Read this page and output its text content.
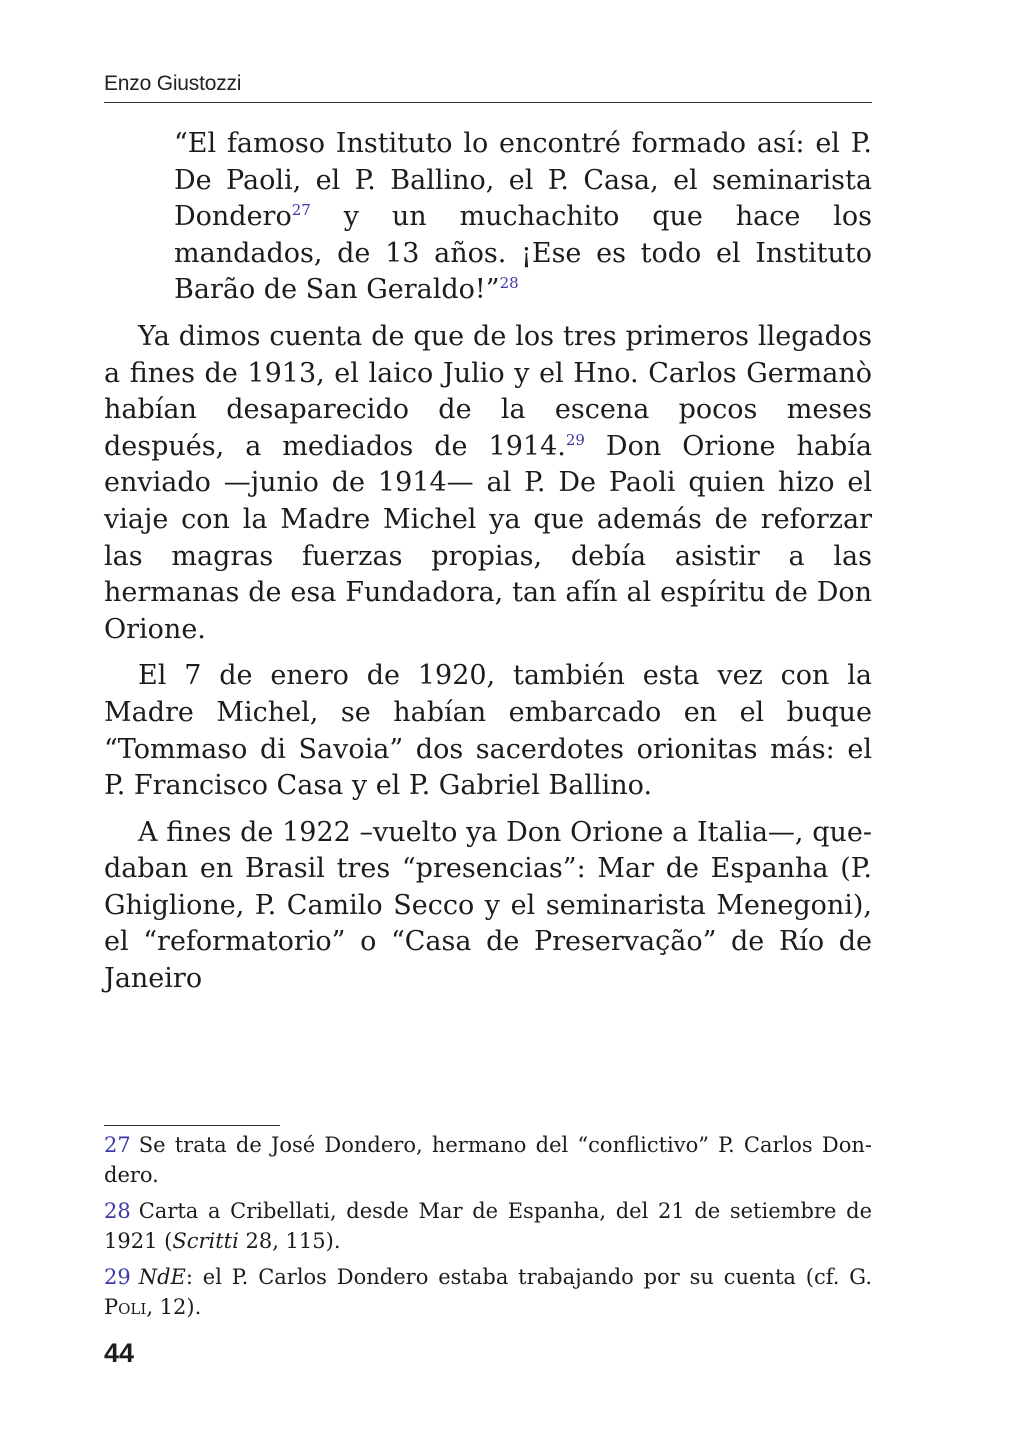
Enzo Giustozzi

“El famoso Instituto lo encontré formado así: el P. De Paoli, el P. Ballino, el P. Casa, el seminarista Dondero$^{27}$ y un muchachito que hace los mandados, de 13 años. ¡Ese es todo el Instituto Barão de San Geraldo!”$^{28}$

Ya dimos cuenta de que de los tres primeros llegados a fines de 1913, el laico Julio y el Hno. Carlos Germanò habían desaparecido de la escena pocos meses después, a mediados de 1914.29 Don Orione había enviado —junio de 1914— al P. De Paoli quien hizo el viaje con la Madre Michel ya que además de reforzar las magras fuerzas propias, debía asistir a las hermanas de esa Fundadora, tan afín al espíritu de Don Orione.

El 7 de enero de 1920, también esta vez con la Madre Michel, se habían embarcado en el buque “Tommaso di Savoia” dos sacerdotes orionitas más: el P. Francisco Casa y el P. Gabriel Ballino.

A fines de 1922 –vuelto ya Don Orione a Italia—, quedaban en Brasil tres “presencias”: Mar de Espanha (P. Ghiglione, P. Camilo Secco y el seminarista Menegoni), el “reformatorio” o “Casa de Preservação” de Río de Janeiro

27 Se trata de José Dondero, hermano del “conflictivo” P. Carlos Dondero.

28 Carta a Cribellati, desde Mar de Espanha, del 21 de setiembre de 1921 (Scritti 28, 115).

29 NdE: el P. Carlos Dondero estaba trabajando por su cuenta (cf. G. Poli, 12).

44
